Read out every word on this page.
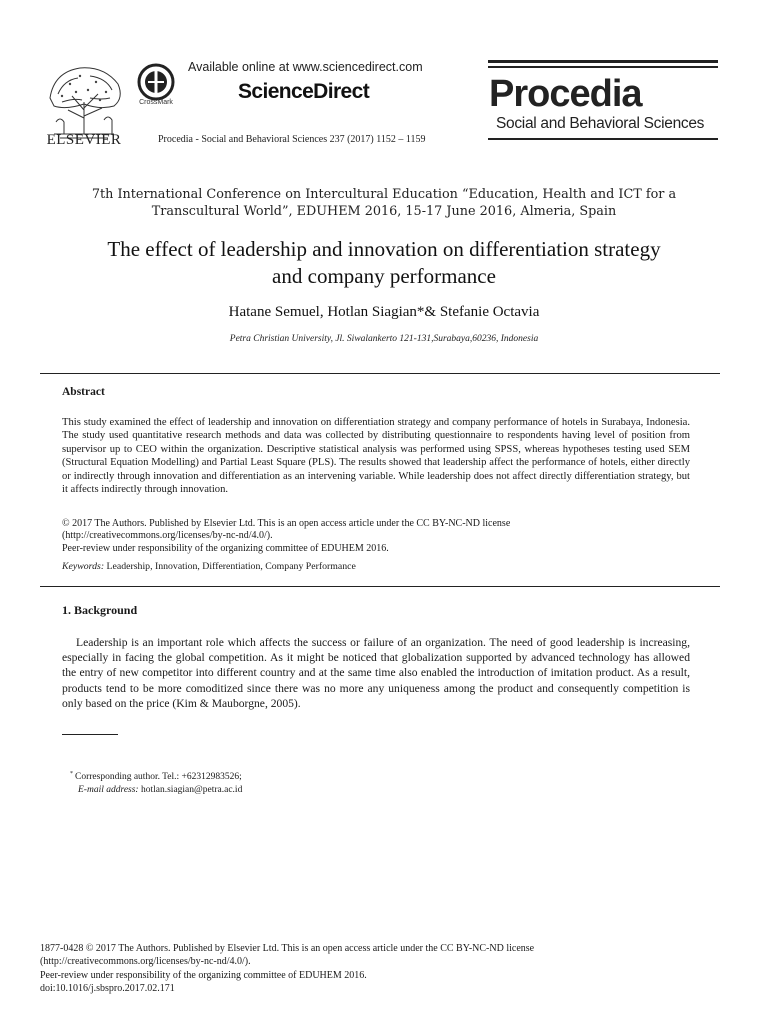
ELSEVIER
CrossMark
Available online at www.sciencedirect.com
ScienceDirect
Procedia - Social and Behavioral Sciences 237 (2017) 1152 – 1159
Procedia
Social and Behavioral Sciences
7th International Conference on Intercultural Education “Education, Health and ICT for a
Transcultural World”, EDUHEM 2016, 15-17 June 2016, Almeria, Spain
The effect of leadership and innovation on differentiation strategy
and company performance
Hatane Semuel, Hotlan Siagian*& Stefanie Octavia
Petra Christian University, Jl. Siwalankerto 121-131,Surabaya,60236, Indonesia
Abstract
This study examined the effect of leadership and innovation on differentiation strategy and company performance of hotels in Surabaya, Indonesia. The study used quantitative research methods and data was collected by distributing questionnaire to respondents having level of position from supervisor up to CEO within the organization. Descriptive statistical analysis was performed using SPSS, whereas hypotheses testing used SEM (Structural Equation Modelling) and Partial Least Square (PLS). The results showed that leadership affect the performance of hotels, either directly or indirectly through innovation and differentiation as an intervening variable. While leadership does not affect directly differentiation strategy, but it affects indirectly through innovation.
© 2017 The Authors. Published by Elsevier Ltd. This is an open access article under the CC BY-NC-ND license
(http://creativecommons.org/licenses/by-nc-nd/4.0/).
Peer-review under responsibility of the organizing committee of EDUHEM 2016.
Keywords: Leadership, Innovation, Differentiation, Company Performance
1. Background
Leadership is an important role which affects the success or failure of an organization. The need of good leadership is increasing, especially in facing the global competition. As it might be noticed that globalization supported by advanced technology has allowed the entry of new competitor into different country and at the same time also enabled the introduction of imitation product. As a result, products tend to be more comoditized since there was no more any uniqueness among the product and consequently competition is only based on the price (Kim & Mauborgne, 2005).
* Corresponding author. Tel.: +62312983526;
E-mail address: hotlan.siagian@petra.ac.id
1877-0428 © 2017 The Authors. Published by Elsevier Ltd. This is an open access article under the CC BY-NC-ND license
(http://creativecommons.org/licenses/by-nc-nd/4.0/).
Peer-review under responsibility of the organizing committee of EDUHEM 2016.
doi:10.1016/j.sbspro.2017.02.171
